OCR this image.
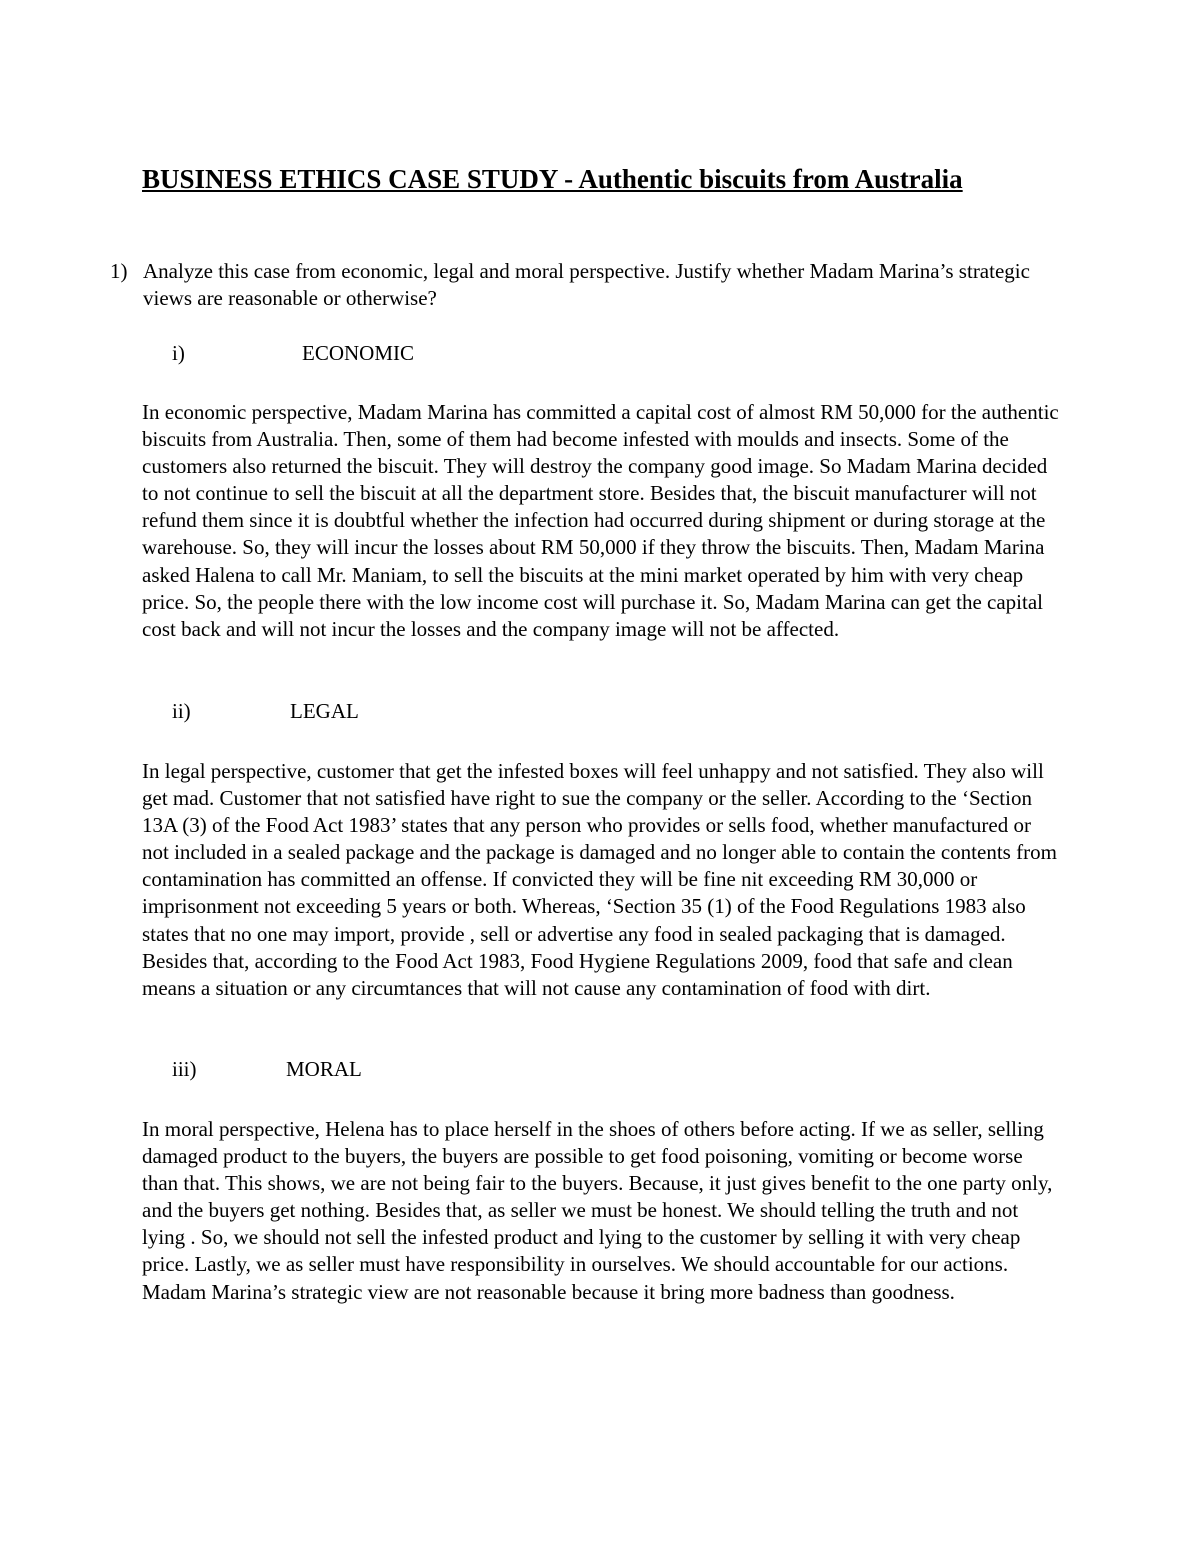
BUSINESS ETHICS CASE STUDY - Authentic biscuits from Australia
1) Analyze this case from economic, legal and moral perspective. Justify whether Madam Marina’s strategic views are reasonable or otherwise?
i)	ECONOMIC

In economic perspective, Madam Marina has committed a capital cost of almost RM 50,000 for the authentic biscuits from Australia. Then, some of them had become infested with moulds and insects. Some of the customers also returned the biscuit. They will destroy the company good image. So Madam Marina decided to not continue to sell the biscuit at all the department store. Besides that, the biscuit manufacturer will not refund them since it is doubtful whether the infection had occurred during shipment or during storage at the warehouse. So, they will incur the losses about RM 50,000 if they throw the biscuits. Then, Madam Marina asked Halena to call Mr. Maniam, to sell the biscuits at the mini market operated by him with very cheap price. So, the people there with the low income cost will purchase it. So, Madam Marina can get the capital cost back and will not incur the losses and the company image will not be affected.

ii)	LEGAL

In legal perspective, customer that get the infested boxes will feel unhappy and not satisfied. They also will get mad. Customer that not satisfied have right to sue the company or the seller. According to the ‘Section 13A (3) of the Food Act 1983’ states that any person who provides or sells food, whether manufactured or not included in a sealed package and the package is damaged and no longer able to contain the contents from contamination has committed an offense. If convicted they will be fine nit exceeding RM 30,000 or imprisonment not exceeding 5 years or both. Whereas, ‘Section 35 (1) of the Food Regulations 1983 also states that no one may import, provide , sell or advertise any food in sealed packaging that is damaged. Besides that, according to the Food Act 1983, Food Hygiene Regulations 2009, food that safe and clean means a situation or any circumtances that will not cause any contamination of food with dirt.

iii)	MORAL

In moral perspective, Helena has to place herself in the shoes of others before acting. If we as seller, selling damaged product to the buyers, the buyers are possible to get food poisoning, vomiting or become worse than that. This shows, we are not being fair to the buyers. Because, it just gives benefit to the one party only, and the buyers get nothing. Besides that, as seller we must be honest. We should telling the truth and not lying . So, we should not sell the infested product and lying to the customer by selling it with very cheap price. Lastly, we as seller must have responsibility in ourselves. We should accountable for our actions. Madam Marina’s strategic view are not reasonable because it bring more badness than goodness.
